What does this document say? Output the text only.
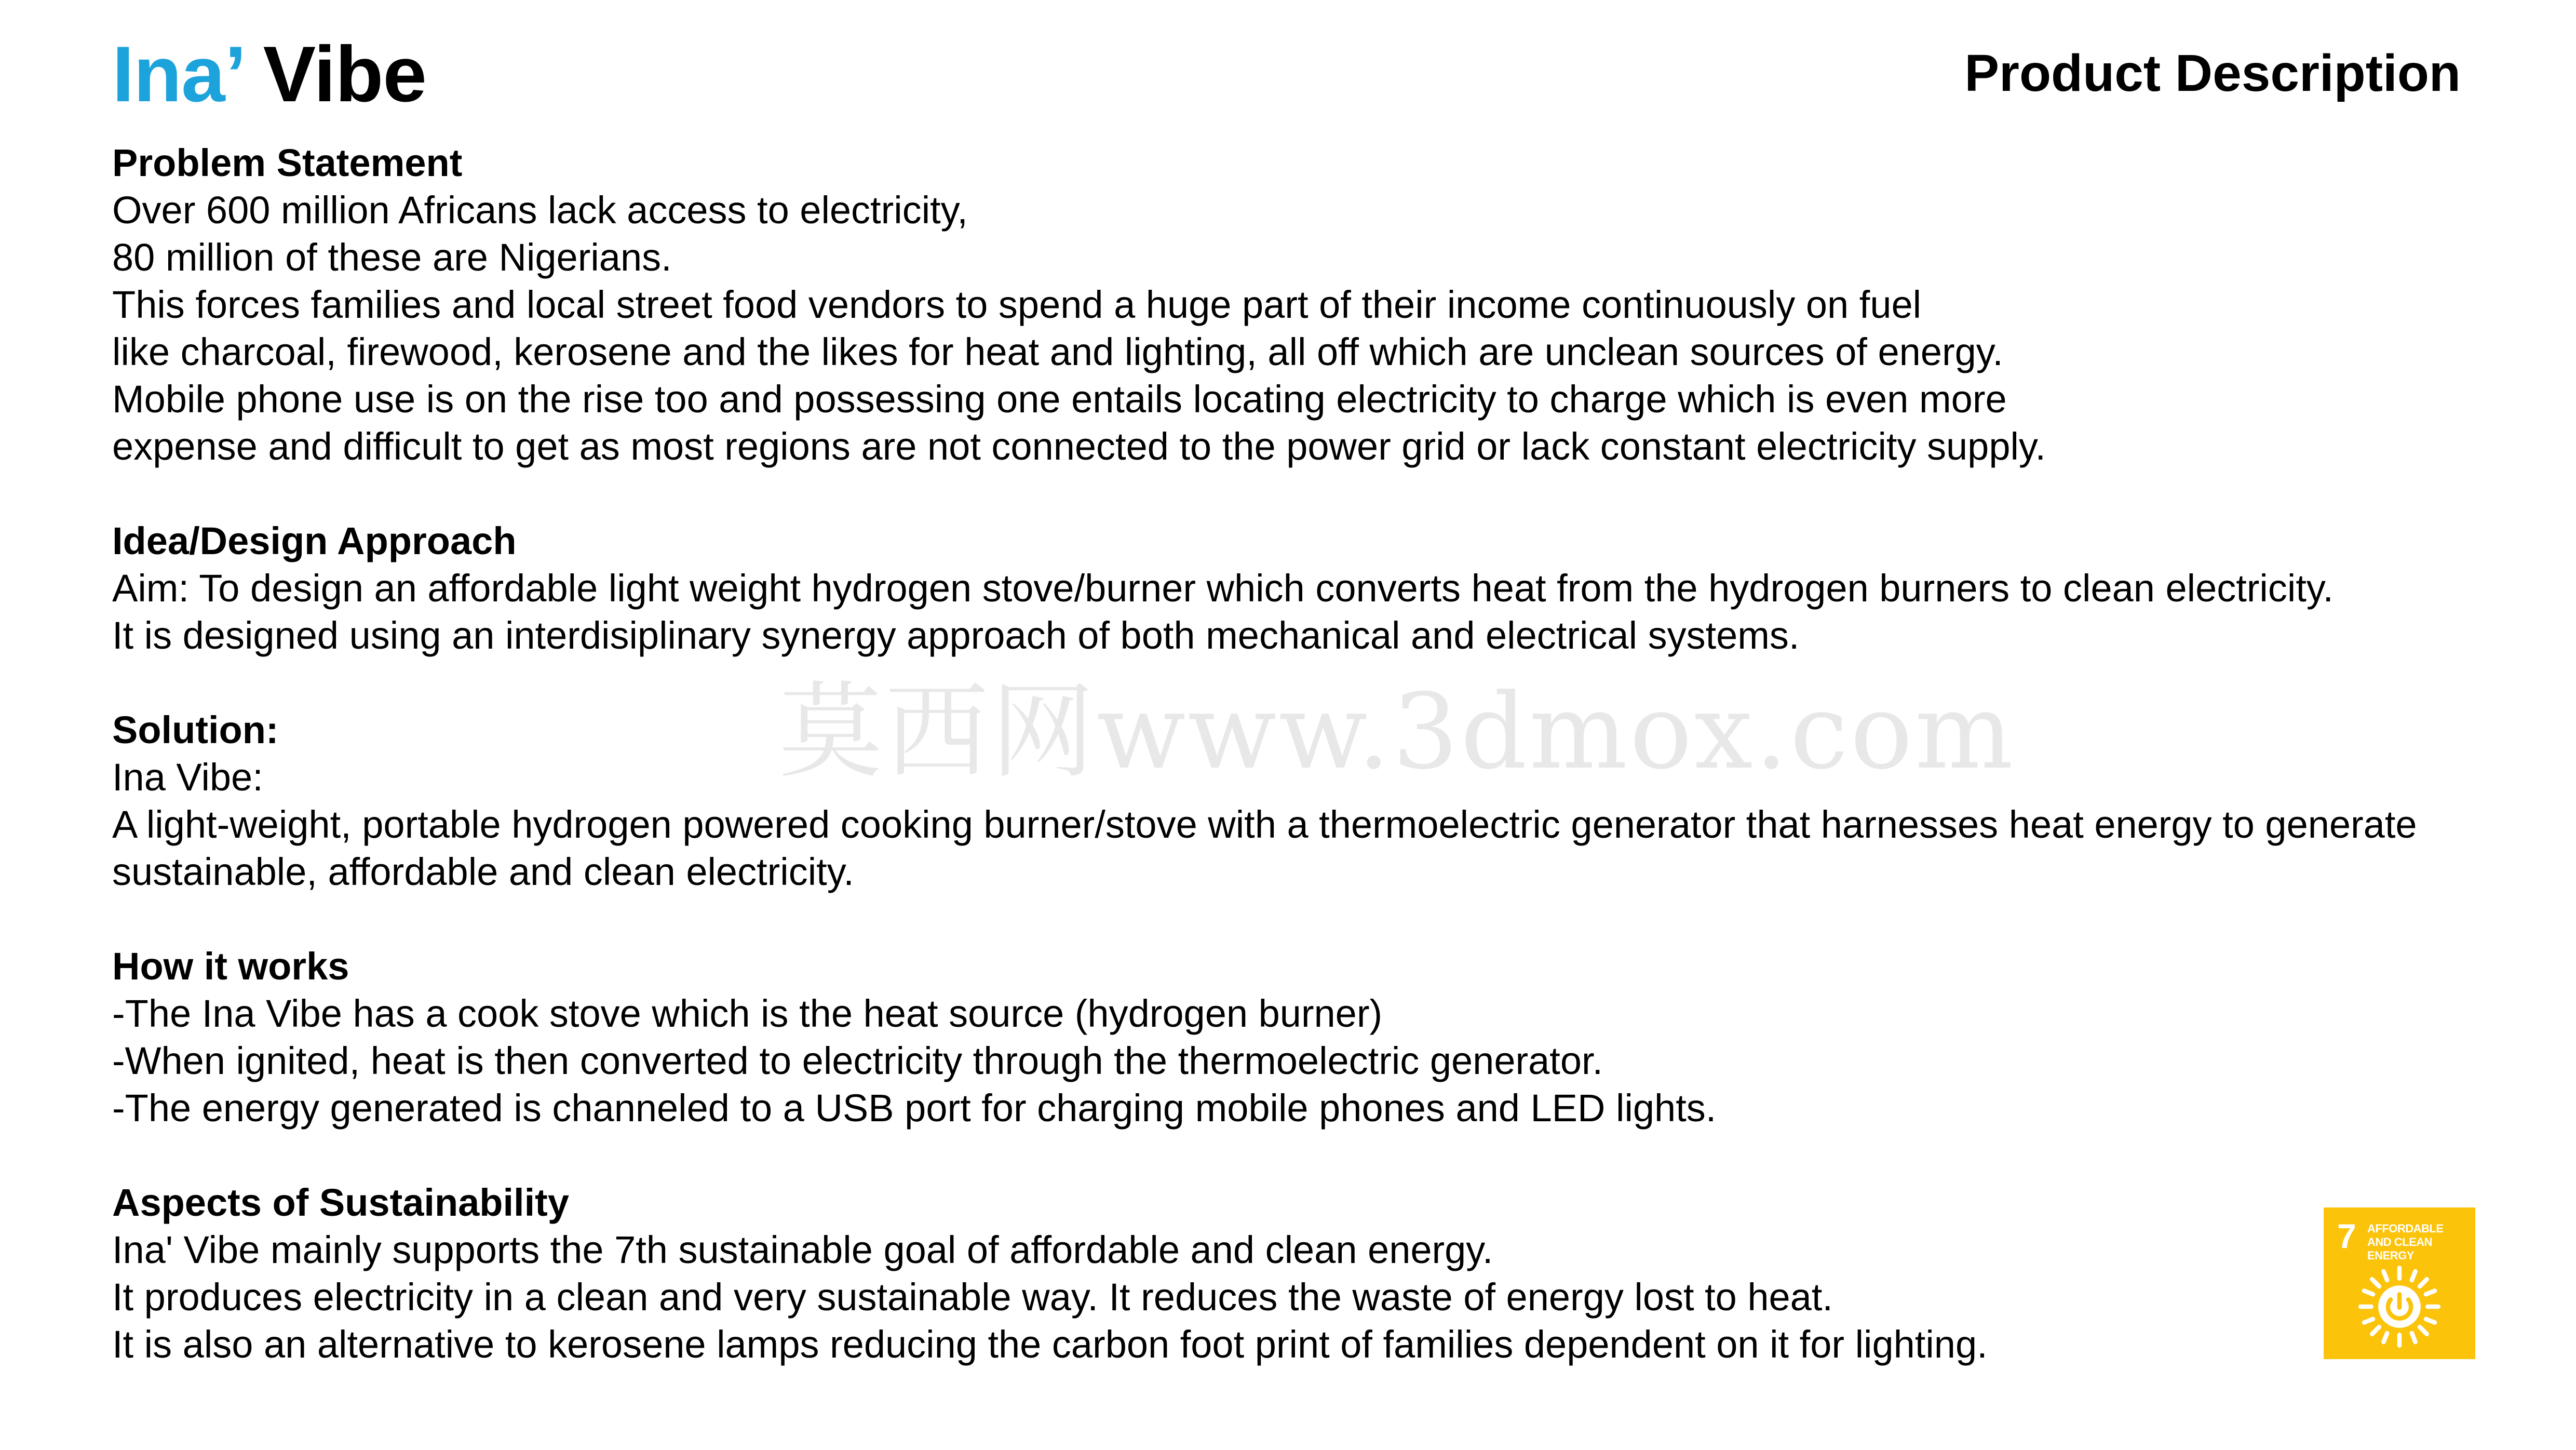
Ina’ Vibe	Product Description
Problem Statement
Over 600 million Africans lack access to electricity,
80 million of these are Nigerians.
This forces families and local street food vendors to spend a huge part of their income continuously on fuel
like charcoal, firewood, kerosene and the likes for heat and lighting, all off which are unclean sources of energy.
Mobile phone use is on the rise too and possessing one entails locating electricity to charge which is even more
expense and difficult to get as most regions are not connected to the power grid or lack constant electricity supply.
Idea/Design Approach
Aim: To design an affordable light weight hydrogen stove/burner which converts heat from the hydrogen burners to clean electricity.
It is designed using an interdisiplinary synergy approach of both mechanical and electrical systems.
Solution:
Ina Vibe:
A light-weight, portable hydrogen powered cooking burner/stove with a thermoelectric generator that harnesses heat energy to generate
sustainable, affordable and clean electricity.
How it works
-The Ina Vibe has a cook stove which is the heat source (hydrogen burner)
-When ignited, heat is then converted to electricity through the thermoelectric generator.
-The energy generated is channeled to a USB port for charging mobile phones and LED lights.
Aspects of Sustainability
Ina' Vibe mainly supports the 7th sustainable goal of affordable and clean energy.
It produces electricity in a clean and very sustainable way. It reduces the waste of energy lost to heat.
It is also an alternative to kerosene lamps reducing the carbon foot print of families dependent on it for lighting.
莫西网www.3dmox.com
7 AFFORDABLE AND CLEAN ENERGY
